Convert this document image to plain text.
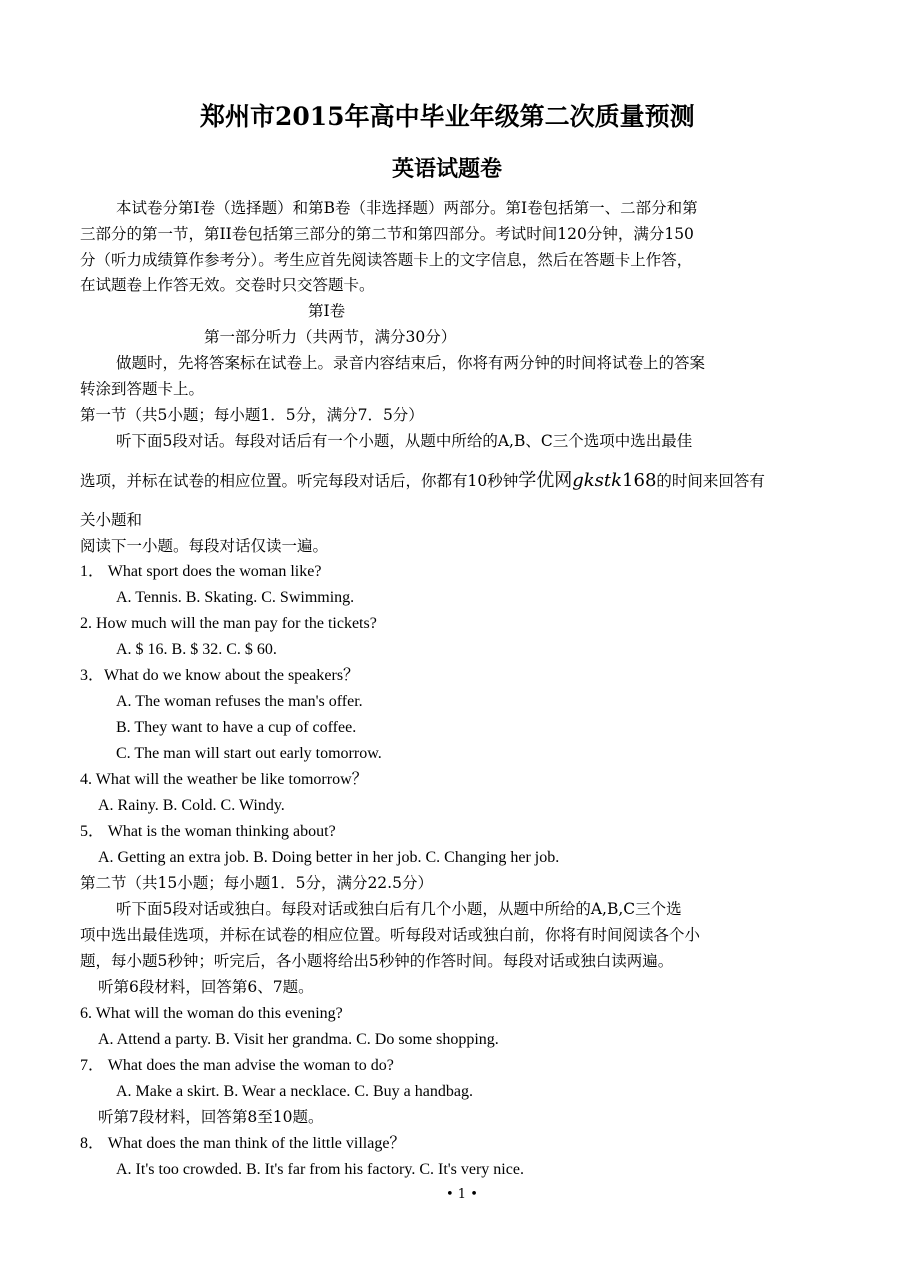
郑州市2015年高中毕业年级第二次质量预测
英语试题卷
本试卷分第I卷（选择题）和第B卷（非选择题）两部分。第I卷包括第一、二部分和第
三部分的第一节，第II卷包括第三部分的第二节和第四部分。考试时间120分钟，满分150
分（听力成绩算作参考分）。考生应首先阅读答题卡上的文字信息，然后在答题卡上作答，
在试题卷上作答无效。交卷时只交答题卡。
第I卷
第一部分听力（共两节，满分30分）
做题时，先将答案标在试卷上。录音内容结束后，你将有两分钟的时间将试卷上的答案
转涂到答题卡上。
第一节（共5小题；每小题1．5分，满分7．5分）
听下面5段对话。每段对话后有一个小题，从题中所给的A,B、C三个选项中选出最佳
选项，并标在试卷的相应位置。听完每段对话后，你都有10秒钟学优网gkstk168的时间来回答有
关小题和
阅读下一小题。每段对话仅读一遍。
1． What sport does the woman like?
A. Tennis. B. Skating. C. Swimming.
2. How much will the man pay for the tickets?
A. $ 16. B. $ 32. C. $ 60.
3．What do we know about the speakers？
A. The woman refuses the man's offer.
B. They want to have a cup of coffee.
C. The man will start out early tomorrow.
4. What will the weather be like tomorrow？
A. Rainy. B. Cold. C. Windy.
5． What is the woman thinking about?
A. Getting an extra job. B. Doing better in her job. C. Changing her job.
第二节（共15小题；每小题1．5分，满分22.5分）
听下面5段对话或独白。每段对话或独白后有几个小题，从题中所给的A,B,C三个选
项中选出最佳选项，并标在试卷的相应位置。听每段对话或独白前，你将有时间阅读各个小
题，每小题5秒钟；听完后，各小题将给出5秒钟的作答时间。每段对话或独白读两遍。
听第6段材料，回答第6、7题。
6. What will the woman do this evening?
A. Attend a party. B. Visit her grandma. C. Do some shopping.
7． What does the man advise the woman to do?
A. Make a skirt. B. Wear a necklace. C. Buy a handbag.
听第7段材料，回答第8至10题。
8． What does the man think of the little village？
A. It's too crowded. B. It's far from his factory. C. It's very nice.
• 1 •
